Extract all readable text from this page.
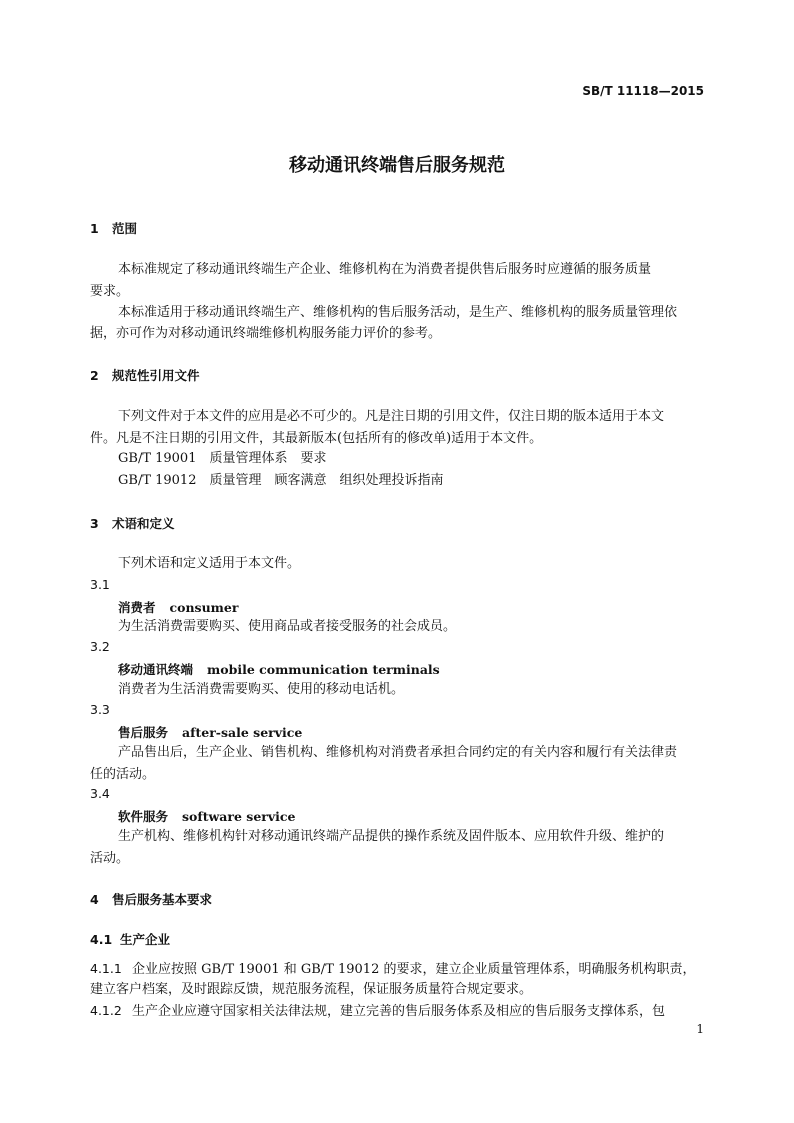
SB/T 11118—2015
移动通讯终端售后服务规范
1 范围
本标准规定了移动通讯终端生产企业、维修机构在为消费者提供售后服务时应遵循的服务质量
要求。
本标准适用于移动通讯终端生产、维修机构的售后服务活动，是生产、维修机构的服务质量管理依
据，亦可作为对移动通讯终端维修机构服务能力评价的参考。
2 规范性引用文件
下列文件对于本文件的应用是必不可少的。凡是注日期的引用文件，仅注日期的版本适用于本文
件。凡是不注日期的引用文件，其最新版本(包括所有的修改单)适用于本文件。
GB/T 19001　质量管理体系　要求
GB/T 19012　质量管理　顾客满意　组织处理投诉指南
3 术语和定义
下列术语和定义适用于本文件。
3.1
消费者 consumer
为生活消费需要购买、使用商品或者接受服务的社会成员。
3.2
移动通讯终端 mobile communication terminals
消费者为生活消费需要购买、使用的移动电话机。
3.3
售后服务 after-sale service
产品售出后，生产企业、销售机构、维修机构对消费者承担合同约定的有关内容和履行有关法律责
任的活动。
3.4
软件服务 software service
生产机构、维修机构针对移动通讯终端产品提供的操作系统及固件版本、应用软件升级、维护的
活动。
4 售后服务基本要求
4.1 生产企业
4.1.1 企业应按照 GB/T 19001 和 GB/T 19012 的要求，建立企业质量管理体系，明确服务机构职责，
建立客户档案，及时跟踪反馈，规范服务流程，保证服务质量符合规定要求。
4.1.2 生产企业应遵守国家相关法律法规，建立完善的售后服务体系及相应的售后服务支撑体系，包
1
